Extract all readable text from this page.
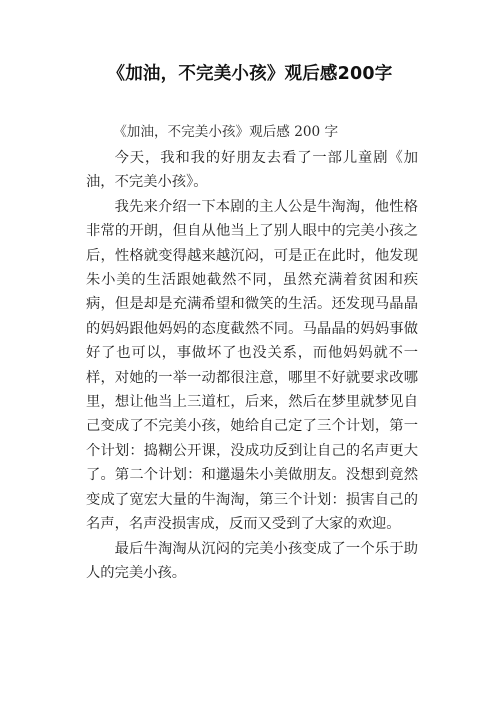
《加油，不完美小孩》观后感200字

《加油，不完美小孩》观后感 200 字

今天，我和我的好朋友去看了一部儿童剧《加油，不完美小孩》。

我先来介绍一下本剧的主人公是牛淘淘，他性格非常的开朗，但自从他当上了别人眼中的完美小孩之后，性格就变得越来越沉闷，可是正在此时，他发现朱小美的生活跟她截然不同，虽然充满着贫困和疾病，但是却是充满希望和微笑的生活。还发现马晶晶的妈妈跟他妈妈的态度截然不同。马晶晶的妈妈事做好了也可以，事做坏了也没关系，而他妈妈就不一样，对她的一举一动都很注意，哪里不好就要求改哪里，想让他当上三道杠，后来，然后在梦里就梦见自己变成了不完美小孩，她给自己定了三个计划，第一个计划：捣糊公开课，没成功反到让自己的名声更大了。第二个计划：和邋遢朱小美做朋友。没想到竟然变成了宽宏大量的牛淘淘，第三个计划：损害自己的名声，名声没损害成，反而又受到了大家的欢迎。

最后牛淘淘从沉闷的完美小孩变成了一个乐于助人的完美小孩。
